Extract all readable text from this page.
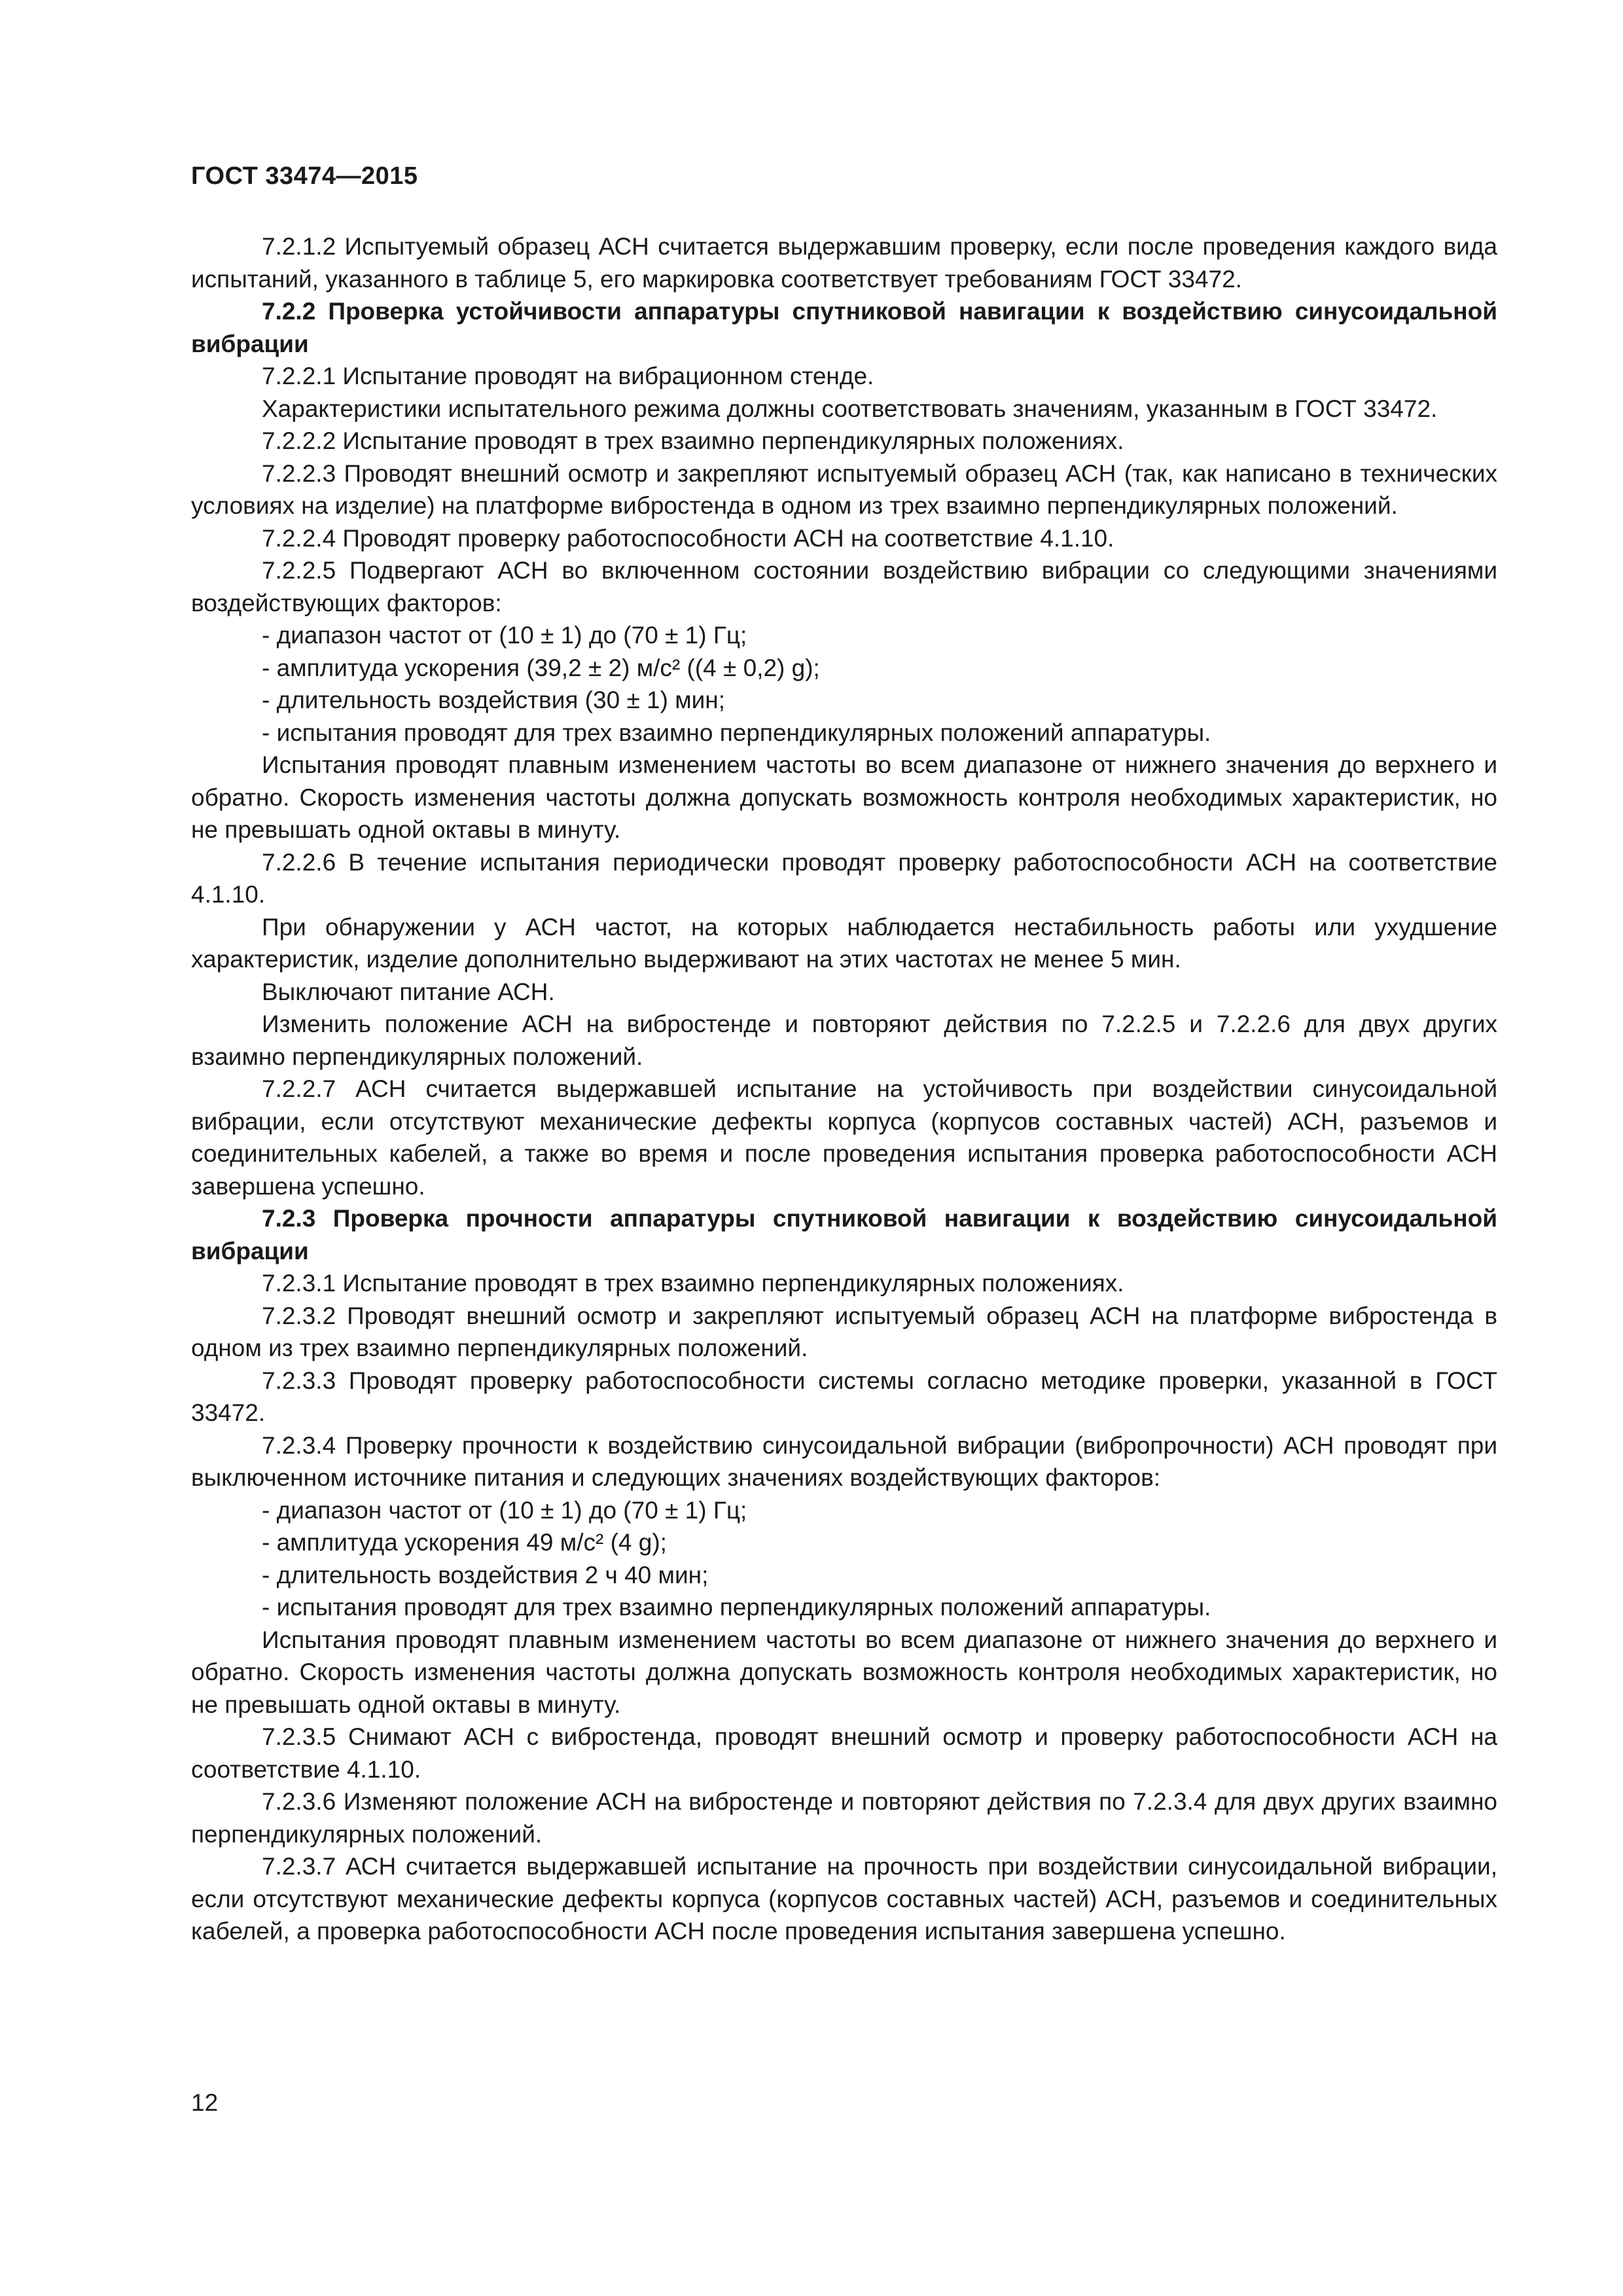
ГОСТ 33474—2015

7.2.1.2 Испытуемый образец АСН считается выдержавшим проверку, если после проведения каждого вида испытаний, указанного в таблице 5, его маркировка соответствует требованиям ГОСТ 33472.

7.2.2 Проверка устойчивости аппаратуры спутниковой навигации к воздействию синусоидальной вибрации

7.2.2.1 Испытание проводят на вибрационном стенде.

Характеристики испытательного режима должны соответствовать значениям, указанным в ГОСТ 33472.

7.2.2.2 Испытание проводят в трех взаимно перпендикулярных положениях.

7.2.2.3 Проводят внешний осмотр и закрепляют испытуемый образец АСН (так, как написано в технических условиях на изделие) на платформе вибростенда в одном из трех взаимно перпендикулярных положений.

7.2.2.4 Проводят проверку работоспособности АСН на соответствие 4.1.10.

7.2.2.5 Подвергают АСН во включенном состоянии воздействию вибрации со следующими значениями воздействующих факторов:

- диапазон частот от (10 ± 1) до (70 ± 1) Гц;

- амплитуда ускорения (39,2 ± 2) м/с² ((4 ± 0,2) g);

- длительность воздействия (30 ± 1) мин;

- испытания проводят для трех взаимно перпендикулярных положений аппаратуры.

Испытания проводят плавным изменением частоты во всем диапазоне от нижнего значения до верхнего и обратно. Скорость изменения частоты должна допускать возможность контроля необходимых характеристик, но не превышать одной октавы в минуту.

7.2.2.6 В течение испытания периодически проводят проверку работоспособности АСН на соответствие 4.1.10.

При обнаружении у АСН частот, на которых наблюдается нестабильность работы или ухудшение характеристик, изделие дополнительно выдерживают на этих частотах не менее 5 мин.

Выключают питание АСН.

Изменить положение АСН на вибростенде и повторяют действия по 7.2.2.5 и 7.2.2.6 для двух других взаимно перпендикулярных положений.

7.2.2.7 АСН считается выдержавшей испытание на устойчивость при воздействии синусоидальной вибрации, если отсутствуют механические дефекты корпуса (корпусов составных частей) АСН, разъемов и соединительных кабелей, а также во время и после проведения испытания проверка работоспособности АСН завершена успешно.

7.2.3 Проверка прочности аппаратуры спутниковой навигации к воздействию синусоидальной вибрации

7.2.3.1 Испытание проводят в трех взаимно перпендикулярных положениях.

7.2.3.2 Проводят внешний осмотр и закрепляют испытуемый образец АСН на платформе вибростенда в одном из трех взаимно перпендикулярных положений.

7.2.3.3 Проводят проверку работоспособности системы согласно методике проверки, указанной в ГОСТ 33472.

7.2.3.4 Проверку прочности к воздействию синусоидальной вибрации (вибропрочности) АСН проводят при выключенном источнике питания и следующих значениях воздействующих факторов:

- диапазон частот от (10 ± 1) до (70 ± 1) Гц;

- амплитуда ускорения 49 м/с² (4 g);

- длительность воздействия 2 ч 40 мин;

- испытания проводят для трех взаимно перпендикулярных положений аппаратуры.

Испытания проводят плавным изменением частоты во всем диапазоне от нижнего значения до верхнего и обратно. Скорость изменения частоты должна допускать возможность контроля необходимых характеристик, но не превышать одной октавы в минуту.

7.2.3.5 Снимают АСН с вибростенда, проводят внешний осмотр и проверку работоспособности АСН на соответствие 4.1.10.

7.2.3.6 Изменяют положение АСН на вибростенде и повторяют действия по 7.2.3.4 для двух других взаимно перпендикулярных положений.

7.2.3.7 АСН считается выдержавшей испытание на прочность при воздействии синусоидальной вибрации, если отсутствуют механические дефекты корпуса (корпусов составных частей) АСН, разъемов и соединительных кабелей, а проверка работоспособности АСН после проведения испытания завершена успешно.

12
